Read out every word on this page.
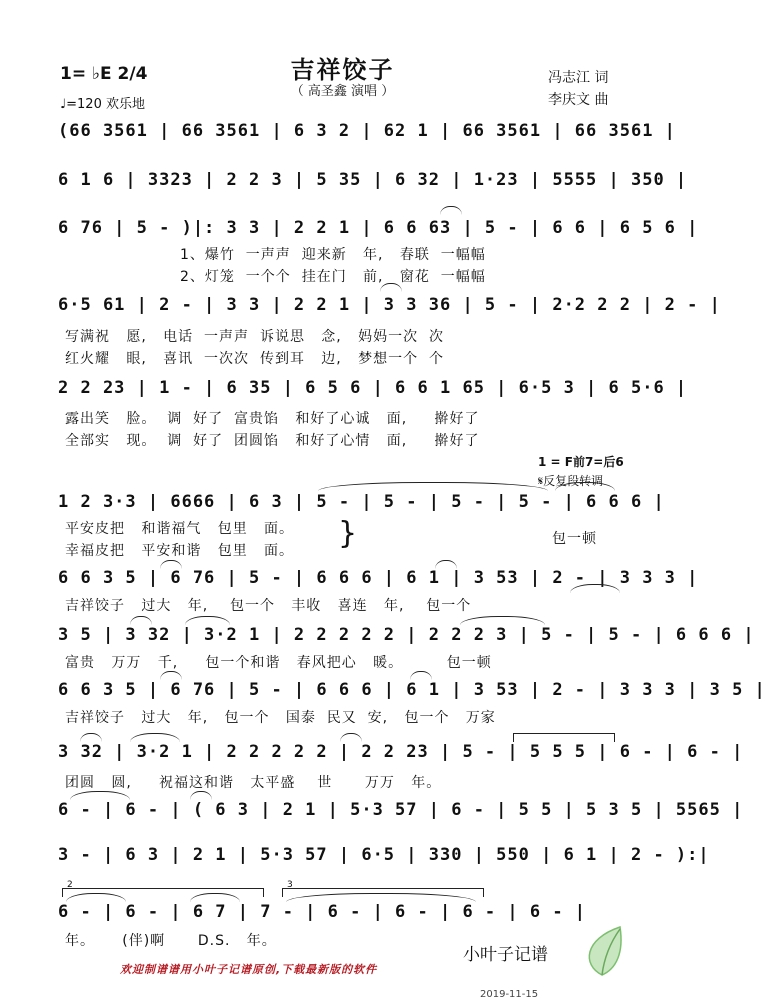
吉祥饺子
（ 高圣鑫 演唱 ）
1= ♭E 2/4
♩=120 欢乐地
冯志江 词
李庆文 曲
(66 3561 | 66 3561 | 6 3 2 | 62 1 | 66 3561 | 66 3561 |
6 1 6 | 3323 | 2 2 3 | 5 35 | 6 32 | 1·23 | 5555 | 350 |
6 76 | 5 - )|: 3 3 | 2 2 1 | 6 6 63 | 5 - | 6 6 | 6 5 6 |
1、爆竹  一声声  迎来新   年,   春联  一幅幅
2、灯笼  一个个  挂在门   前,   窗花  一幅幅
6·5 61 | 2 - | 3 3 | 2 2 1 | 3 3 36 | 5 - | 2·2 2 2 | 2 - |
写满祝   愿,   电话  一声声  诉说思   念,   妈妈一次  次
红火耀   眼,   喜讯  一次次  传到耳   边,   梦想一个  个
2 2 23 | 1 - | 6 35 | 6 5 6 | 6 6 1 65 | 6·5 3 | 6 5·6 |
露出笑   脸。  调  好了  富贵馅   和好了心诚   面,     擀好了
全部实   现。  调  好了  团圆馅   和好了心情   面,     擀好了
1 = F前7=后6
𝄋反复段转调
1 2 3·3 | 6666 | 6 3 | 5 - | 5 - | 5 - | 5 - | 6 6 6 |
平安皮把   和谐福气   包里   面。
幸福皮把   平安和谐   包里   面。 }	包一顿
6 6 3 5 | 6 76 | 5 - | 6 6 6 | 6 1 | 3 53 | 2 - | 3 3 3 |
吉祥饺子   过大   年,    包一个   丰收   喜连   年,    包一个
3 5 | 3 32 | 3·2 1 | 2 2 2 2 2 | 2 2 2 3 | 5 - | 5 - | 6 6 6 |
富贵   万万   千,     包一个和谐   春风把心   暖。        包一顿
6 6 3 5 | 6 76 | 5 - | 6 6 6 | 6 1 | 3 53 | 2 - | 3 3 3 | 3 5 |
吉祥饺子   过大   年,   包一个   国泰  民又  安,   包一个   万家
3 32 | 3·2 1 | 2 2 2 2 2 | 2 2 23 | 5 - | 5 5 5 | 6 - | 6 - |
团圆   圆,     祝福这和谐   太平盛    世      万万   年。
6 - | 6 - | ( 6 3 | 2 1 | 5·3 57 | 6 - | 5 5 | 5 3 5 | 5565 |
3 - | 6 3 | 2 1 | 5·3 57 | 6·5 | 330 | 550 | 6 1 | 2 - ):|
2	3
6 - | 6 - | 6 7 | 7 - | 6 - | 6 - | 6 - | 6 - |
年。     (伴)啊      D.S.   年。
小叶子记谱
欢迎制谱谱用小叶子记谱原创,下载最新版的软件
2019-11-15
